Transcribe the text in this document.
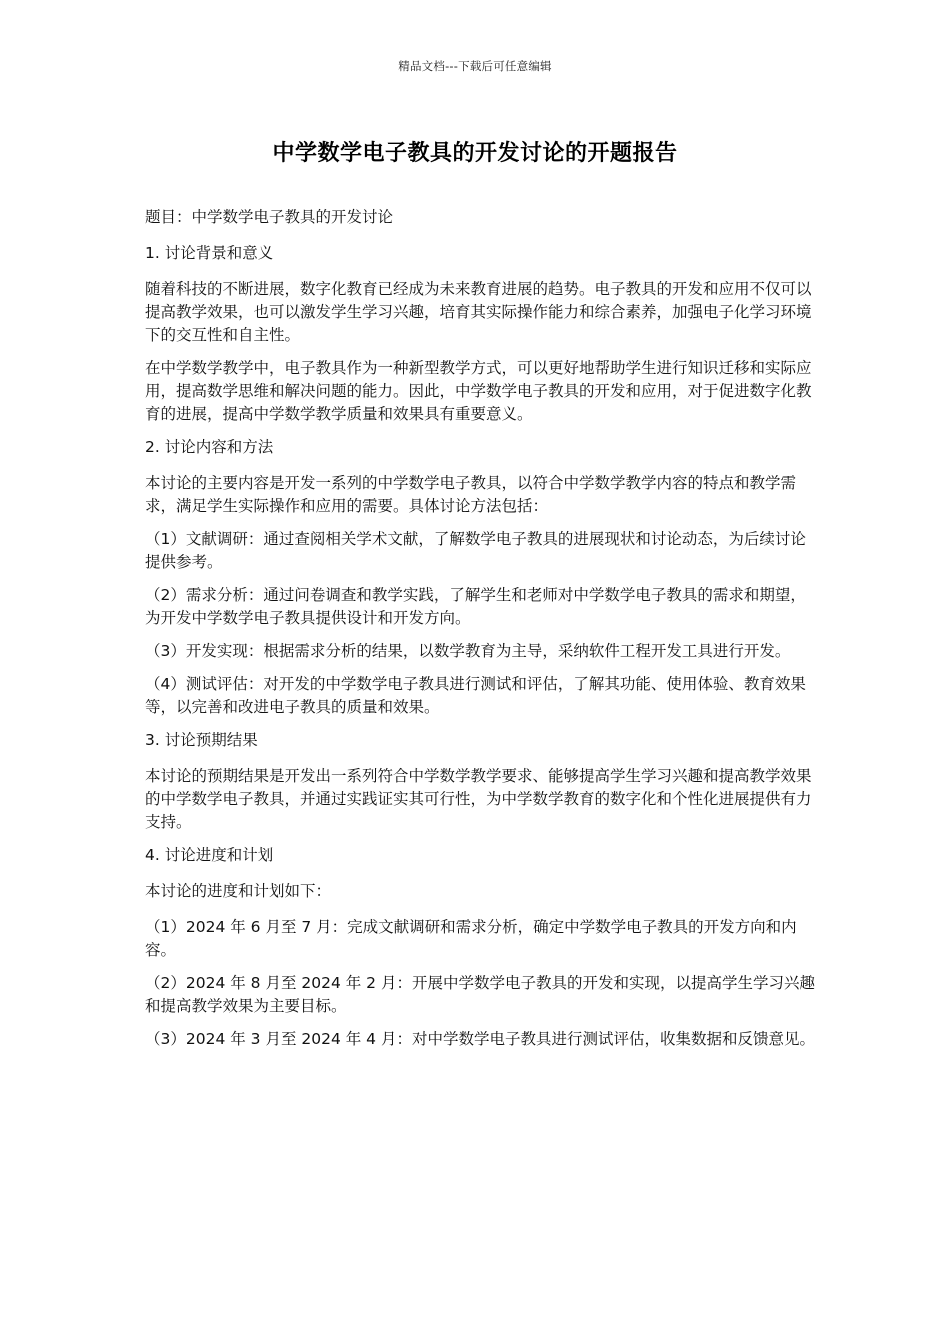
精品文档---下载后可任意编辑
中学数学电子教具的开发讨论的开题报告

题目：中学数学电子教具的开发讨论

1. 讨论背景和意义

随着科技的不断进展，数字化教育已经成为未来教育进展的趋势。电子教具的开发和应用不仅可以提高教学效果，也可以激发学生学习兴趣，培育其实际操作能力和综合素养，加强电子化学习环境下的交互性和自主性。

在中学数学教学中，电子教具作为一种新型教学方式，可以更好地帮助学生进行知识迁移和实际应用，提高数学思维和解决问题的能力。因此，中学数学电子教具的开发和应用，对于促进数字化教育的进展，提高中学数学教学质量和效果具有重要意义。

2. 讨论内容和方法

本讨论的主要内容是开发一系列的中学数学电子教具，以符合中学数学教学内容的特点和教学需求，满足学生实际操作和应用的需要。具体讨论方法包括：

（1）文献调研：通过查阅相关学术文献，了解数学电子教具的进展现状和讨论动态，为后续讨论提供参考。

（2）需求分析：通过问卷调查和教学实践，了解学生和老师对中学数学电子教具的需求和期望，为开发中学数学电子教具提供设计和开发方向。

（3）开发实现：根据需求分析的结果，以数学教育为主导，采纳软件工程开发工具进行开发。

（4）测试评估：对开发的中学数学电子教具进行测试和评估，了解其功能、使用体验、教育效果等，以完善和改进电子教具的质量和效果。

3. 讨论预期结果

本讨论的预期结果是开发出一系列符合中学数学教学要求、能够提高学生学习兴趣和提高教学效果的中学数学电子教具，并通过实践证实其可行性，为中学数学教育的数字化和个性化进展提供有力支持。

4. 讨论进度和计划

本讨论的进度和计划如下：

（1）2024 年 6 月至 7 月：完成文献调研和需求分析，确定中学数学电子教具的开发方向和内容。

（2）2024 年 8 月至 2024 年 2 月：开展中学数学电子教具的开发和实现，以提高学生学习兴趣和提高教学效果为主要目标。

（3）2024 年 3 月至 2024 年 4 月：对中学数学电子教具进行测试评估，收集数据和反馈意见。
